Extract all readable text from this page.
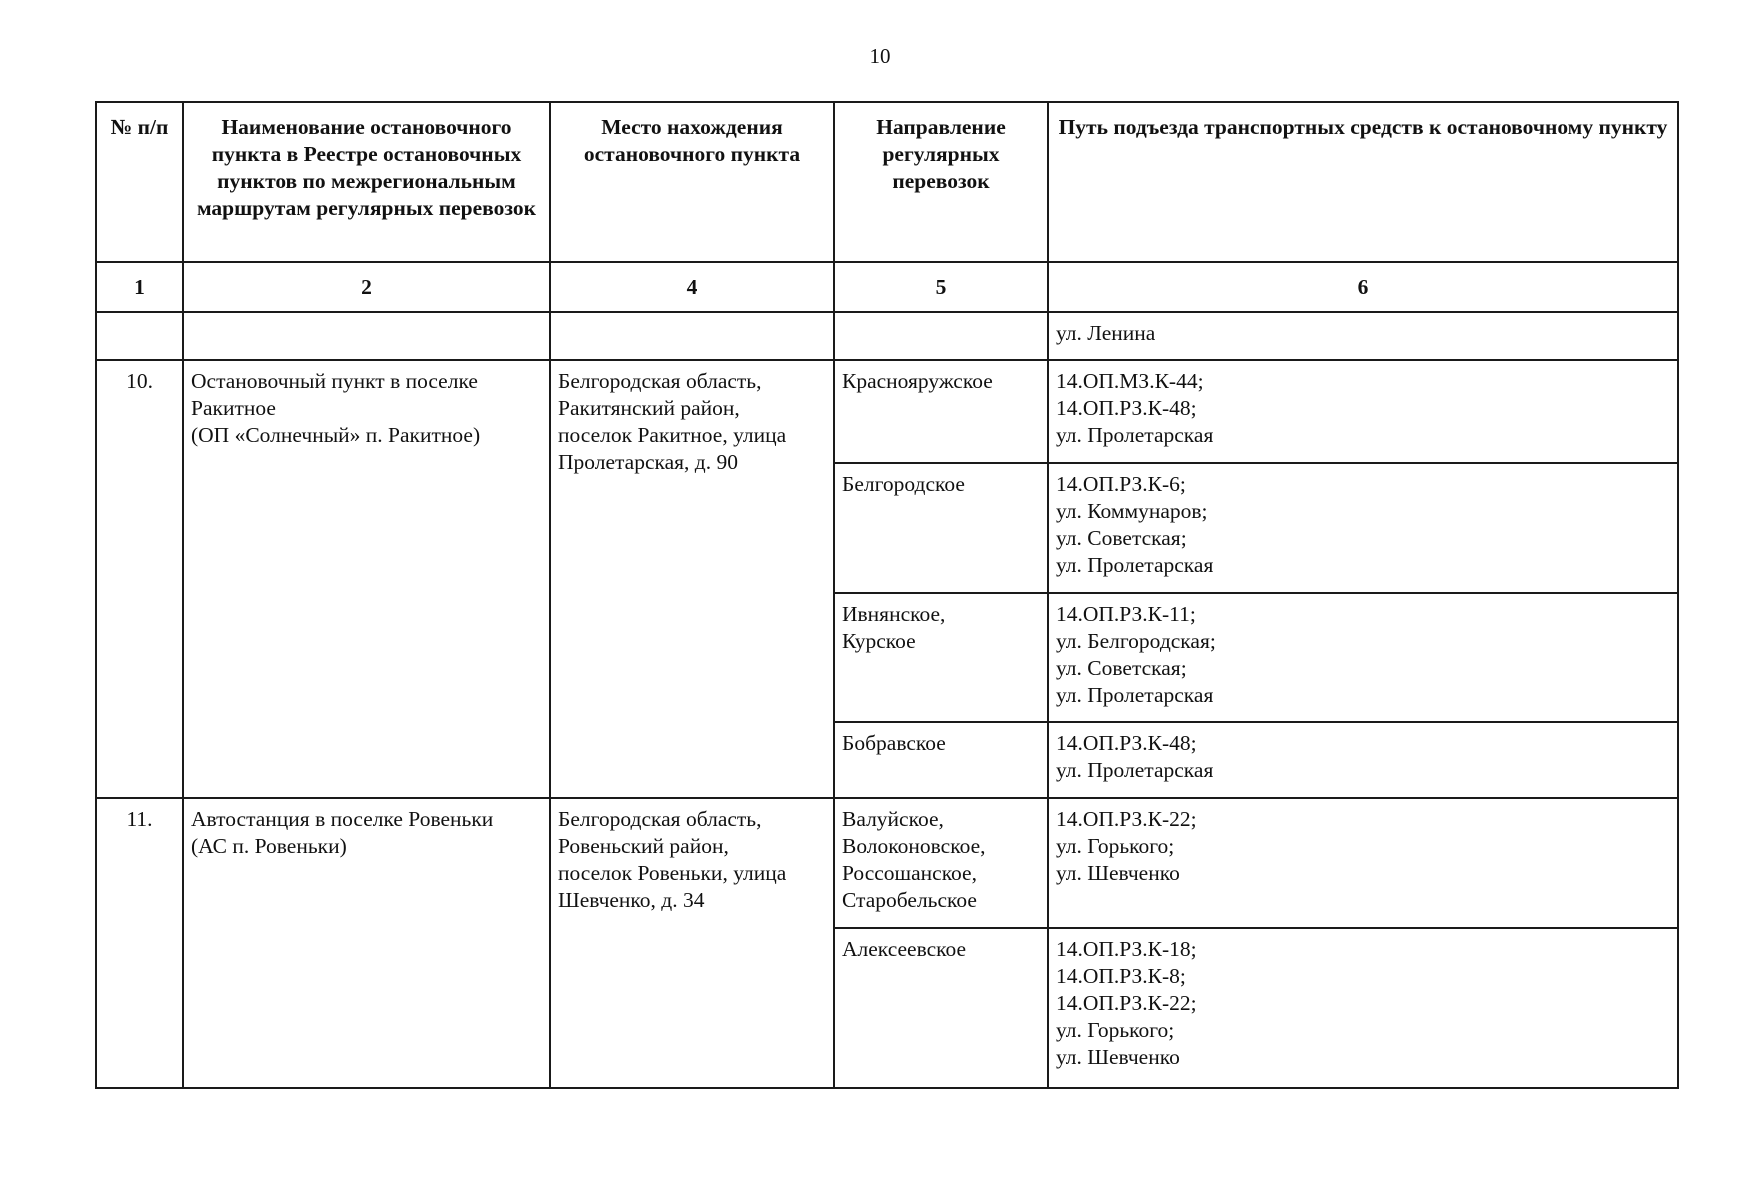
10
№ п/п	Наименование остановочного пункта в Реестре остановочных пунктов по межрегиональным маршрутам регулярных перевозок	Место нахождения остановочного пункта	Направление регулярных перевозок	Путь подъезда транспортных средств к остановочному пункту
1	2	4	5	6

				ул. Ленина

10.	Остановочный пункт в поселке
Ракитное
(ОП «Солнечный» п. Ракитное)	Белгородская область,
Ракитянский район,
поселок Ракитное, улица
Пролетарская, д. 90	Краснояружское	14.ОП.МЗ.К-44;
14.ОП.РЗ.К-48;
ул. Пролетарская

			Белгородское	14.ОП.РЗ.К-6;
ул. Коммунаров;
ул. Советская;
ул. Пролетарская

			Ивнянское,
Курское	14.ОП.РЗ.К-11;
ул. Белгородская;
ул. Советская;
ул. Пролетарская

			Бобравское	14.ОП.РЗ.К-48;
ул. Пролетарская

11.	Автостанция в поселке Ровеньки
(АС п. Ровеньки)	Белгородская область,
Ровеньский район,
поселок Ровеньки, улица
Шевченко, д. 34	Валуйское,
Волоконовское,
Россошанское,
Старобельское	14.ОП.РЗ.К-22;
ул. Горького;
ул. Шевченко

			Алексеевское	14.ОП.РЗ.К-18;
14.ОП.РЗ.К-8;
14.ОП.РЗ.К-22;
ул. Горького;
ул. Шевченко
